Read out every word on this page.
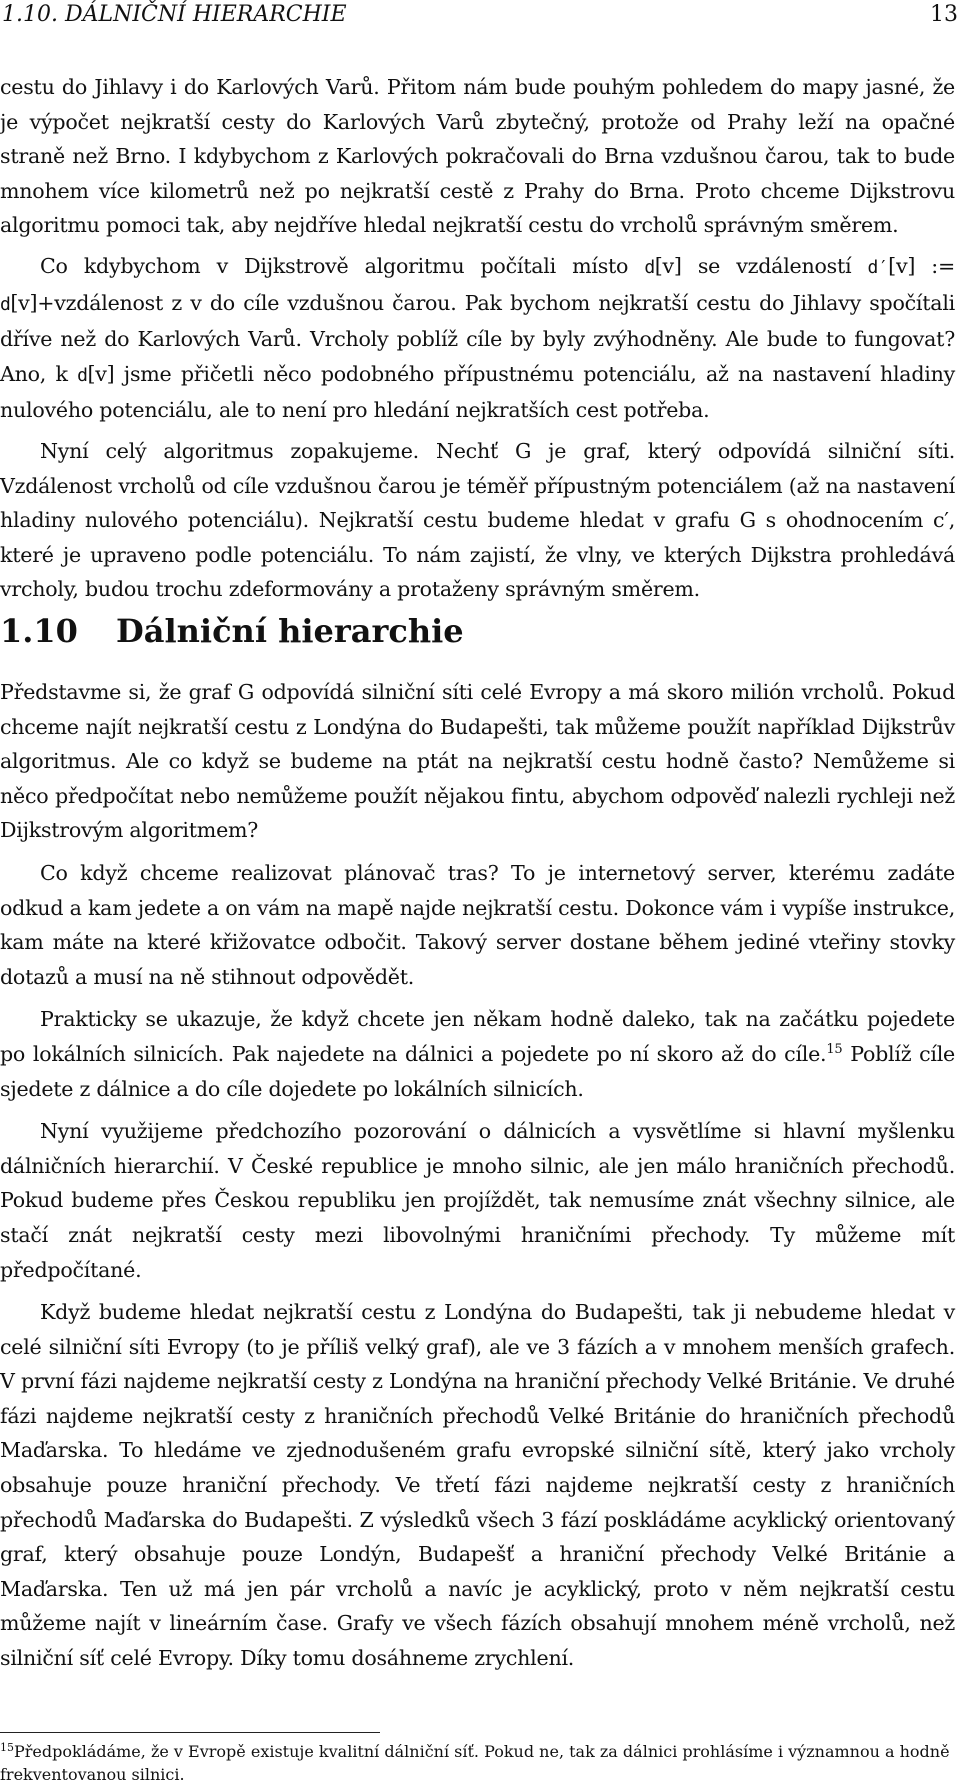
1.10. DÁLNIČNÍ HIERARCHIE	13

cestu do Jihlavy i do Karlových Varů. Přitom nám bude pouhým pohledem do mapy jasné, že je výpočet nejkratší cesty do Karlových Varů zbytečný, protože od Prahy leží na opačné straně než Brno. I kdybychom z Karlových pokračovali do Brna vzdušnou čarou, tak to bude mnohem více kilometrů než po nejkratší cestě z Prahy do Brna. Proto chceme Dijkstrovu algoritmu pomoci tak, aby nejdříve hledal nejkratší cestu do vrcholů správným směrem.

Co kdybychom v Dijkstrově algoritmu počítali místo d[v] se vzdáleností d′[v] := d[v]+vzdálenost z v do cíle vzdušnou čarou. Pak bychom nejkratší cestu do Jihlavy spočítali dříve než do Karlových Varů. Vrcholy poblíž cíle by byly zvýhodněny. Ale bude to fungovat? Ano, k d[v] jsme přičetli něco podobného přípustnému potenciálu, až na nastavení hladiny nulového potenciálu, ale to není pro hledání nejkratších cest potřeba.

Nyní celý algoritmus zopakujeme. Nechť G je graf, který odpovídá silniční síti. Vzdálenost vrcholů od cíle vzdušnou čarou je téměř přípustným potenciálem (až na nastavení hladiny nulového potenciálu). Nejkratší cestu budeme hledat v grafu G s ohodnocením c′, které je upraveno podle potenciálu. To nám zajistí, že vlny, ve kterých Dijkstra prohledává vrcholy, budou trochu zdeformovány a protaženy správným směrem.

1.10 Dálniční hierarchie

Představme si, že graf G odpovídá silniční síti celé Evropy a má skoro milión vrcholů. Pokud chceme najít nejkratší cestu z Londýna do Budapešti, tak můžeme použít například Dijkstrův algoritmus. Ale co když se budeme na ptát na nejkratší cestu hodně často? Nemůžeme si něco předpočítat nebo nemůžeme použít nějakou fintu, abychom odpověď nalezli rychleji než Dijkstrovým algoritmem?

Co když chceme realizovat plánovač tras? To je internetový server, kterému zadáte odkud a kam jedete a on vám na mapě najde nejkratší cestu. Dokonce vám i vypíše instrukce, kam máte na které křižovatce odbočit. Takový server dostane během jediné vteřiny stovky dotazů a musí na ně stihnout odpovědět.

Prakticky se ukazuje, že když chcete jen někam hodně daleko, tak na začátku pojedete po lokálních silnicích. Pak najedete na dálnici a pojedete po ní skoro až do cíle.$^{15}$ Poblíž cíle sjedete z dálnice a do cíle dojedete po lokálních silnicích.

Nyní využijeme předchozího pozorování o dálnicích a vysvětlíme si hlavní myšlenku dálničních hierarchií. V České republice je mnoho silnic, ale jen málo hraničních přechodů. Pokud budeme přes Českou republiku jen projíždět, tak nemusíme znát všechny silnice, ale stačí znát nejkratší cesty mezi libovolnými hraničními přechody. Ty můžeme mít předpočítané.

Když budeme hledat nejkratší cestu z Londýna do Budapešti, tak ji nebudeme hledat v celé silniční síti Evropy (to je příliš velký graf), ale ve 3 fázích a v mnohem menších grafech. V první fázi najdeme nejkratší cesty z Londýna na hraniční přechody Velké Británie. Ve druhé fázi najdeme nejkratší cesty z hraničních přechodů Velké Británie do hraničních přechodů Maďarska. To hledáme ve zjednodušeném grafu evropské silniční sítě, který jako vrcholy obsahuje pouze hraniční přechody. Ve třetí fázi najdeme nejkratší cesty z hraničních přechodů Maďarska do Budapešti. Z výsledků všech 3 fází poskládáme acyklický orientovaný graf, který obsahuje pouze Londýn, Budapešť a hraniční přechody Velké Británie a Maďarska. Ten už má jen pár vrcholů a navíc je acyklický, proto v něm nejkratší cestu můžeme najít v lineárním čase. Grafy ve všech fázích obsahují mnohem méně vrcholů, než silniční síť celé Evropy. Díky tomu dosáhneme zrychlení.

$^{15}$Předpokládáme, že v Evropě existuje kvalitní dálniční síť. Pokud ne, tak za dálnici prohlásíme i významnou a hodně frekventovanou silnici.
